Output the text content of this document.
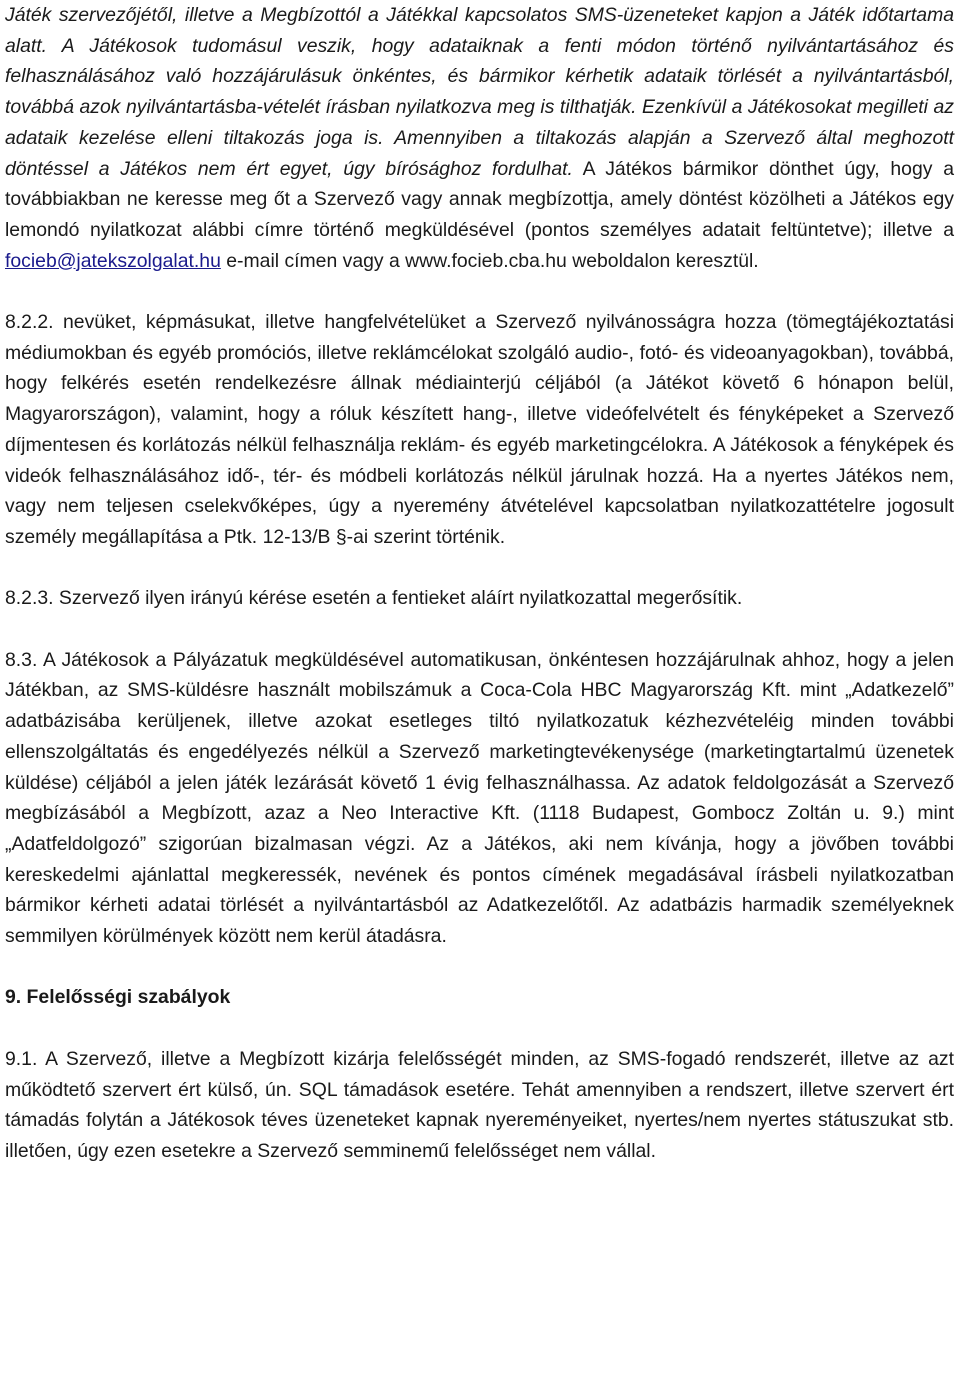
Játék szervezőjétől, illetve a Megbízottól a Játékkal kapcsolatos SMS-üzeneteket kapjon a Játék időtartama alatt. A Játékosok tudomásul veszik, hogy adataiknak a fenti módon történő nyilvántartásához és felhasználásához való hozzájárulásuk önkéntes, és bármikor kérhetik adataik törlését a nyilvántartásból, továbbá azok nyilvántartásba-vételét írásban nyilatkozva meg is tilthatják. Ezenkívül a Játékosokat megilleti az adataik kezelése elleni tiltakozás joga is. Amennyiben a tiltakozás alapján a Szervező által meghozott döntéssel a Játékos nem ért egyet, úgy bírósághoz fordulhat. A Játékos bármikor dönthet úgy, hogy a továbbiakban ne keresse meg őt a Szervező vagy annak megbízottja, amely döntést közölheti a Játékos egy lemondó nyilatkozat alábbi címre történő megküldésével (pontos személyes adatait feltüntetve); illetve a focieb@jatekszolgalat.hu e-mail címen vagy a www.focieb.cba.hu weboldalon keresztül.

8.2.2. nevüket, képmásukat, illetve hangfelvételüket a Szervező nyilvánosságra hozza (tömegtájékoztatási médiumokban és egyéb promóciós, illetve reklámcélokat szolgáló audio-, fotó- és videoanyagokban), továbbá, hogy felkérés esetén rendelkezésre állnak médiainterjú céljából (a Játékot követő 6 hónapon belül, Magyarországon), valamint, hogy a róluk készített hang-, illetve videófelvételt és fényképeket a Szervező díjmentesen és korlátozás nélkül felhasználja reklám- és egyéb marketingcélokra. A Játékosok a fényképek és videók felhasználásához idő-, tér- és módbeli korlátozás nélkül járulnak hozzá. Ha a nyertes Játékos nem, vagy nem teljesen cselekvőképes, úgy a nyeremény átvételével kapcsolatban nyilatkozattételre jogosult személy megállapítása a Ptk. 12-13/B §-ai szerint történik.

8.2.3. Szervező ilyen irányú kérése esetén a fentieket aláírt nyilatkozattal megerősítik.

8.3. A Játékosok a Pályázatuk megküldésével automatikusan, önkéntesen hozzájárulnak ahhoz, hogy a jelen Játékban, az SMS-küldésre használt mobilszámuk a Coca-Cola HBC Magyarország Kft. mint „Adatkezelő” adatbázisába kerüljenek, illetve azokat esetleges tiltó nyilatkozatuk kézhezvételéig minden további ellenszolgáltatás és engedélyezés nélkül a Szervező marketingtevékenysége (marketingtartalmú üzenetek küldése) céljából a jelen játék lezárását követő 1 évig felhasználhassa. Az adatok feldolgozását a Szervező megbízásából a Megbízott, azaz a Neo Interactive Kft. (1118 Budapest, Gombocz Zoltán u. 9.) mint „Adatfeldolgozó” szigorúan bizalmasan végzi. Az a Játékos, aki nem kívánja, hogy a jövőben további kereskedelmi ajánlattal megkeressék, nevének és pontos címének megadásával írásbeli nyilatkozatban bármikor kérheti adatai törlését a nyilvántartásból az Adatkezelőtől. Az adatbázis harmadik személyeknek semmilyen körülmények között nem kerül átadásra.

9. Felelősségi szabályok

9.1. A Szervező, illetve a Megbízott kizárja felelősségét minden, az SMS-fogadó rendszerét, illetve az azt működtető szervert ért külső, ún. SQL támadások esetére. Tehát amennyiben a rendszert, illetve szervert ért támadás folytán a Játékosok téves üzeneteket kapnak nyereményeiket, nyertes/nem nyertes státuszukat stb. illetően, úgy ezen esetekre a Szervező semminemű felelősséget nem vállal.
